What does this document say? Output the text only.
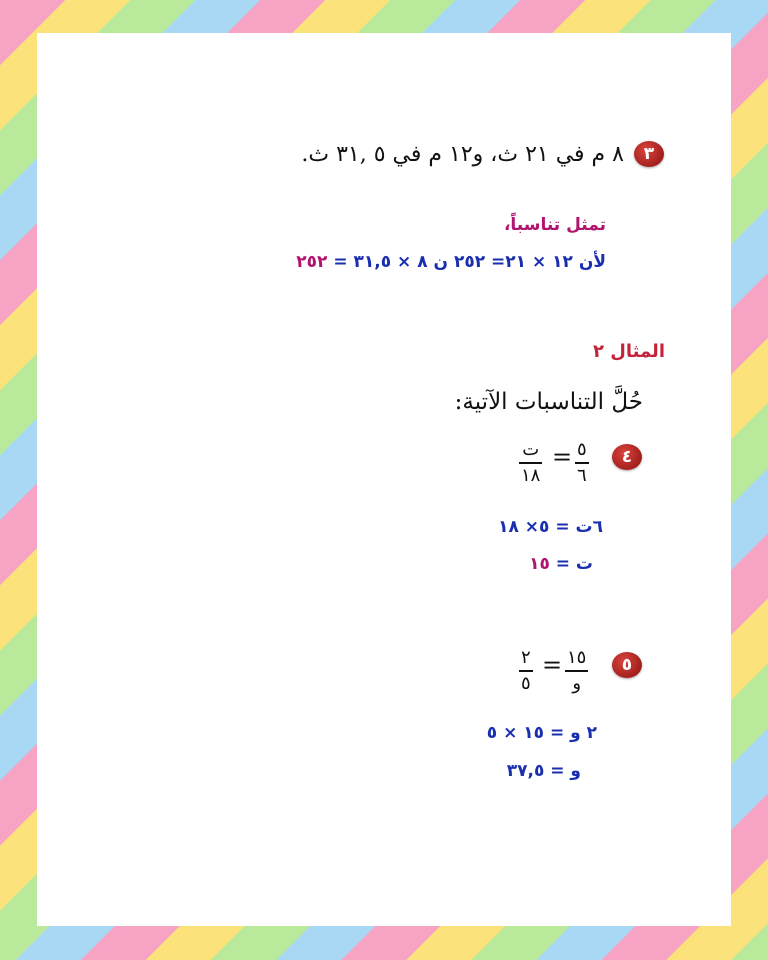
٣
٨ م في ٢١ ث، و١٢ م في ٥ ,٣١ ث.
تمثل تناسباً،
لأن ١٢ × ٢١= ٢٥٢ ن ٨ × ٣١,٥ = ٢٥٢
المثال ٢
حُلَّ التناسبات الآتية:
٤
٥
٦
=
ت
١٨
٦ت = ٥× ١٨
ت = ١٥
٥
١٥
و
=
٢
٥
٢ و = ١٥ × ٥
و = ٣٧,٥
